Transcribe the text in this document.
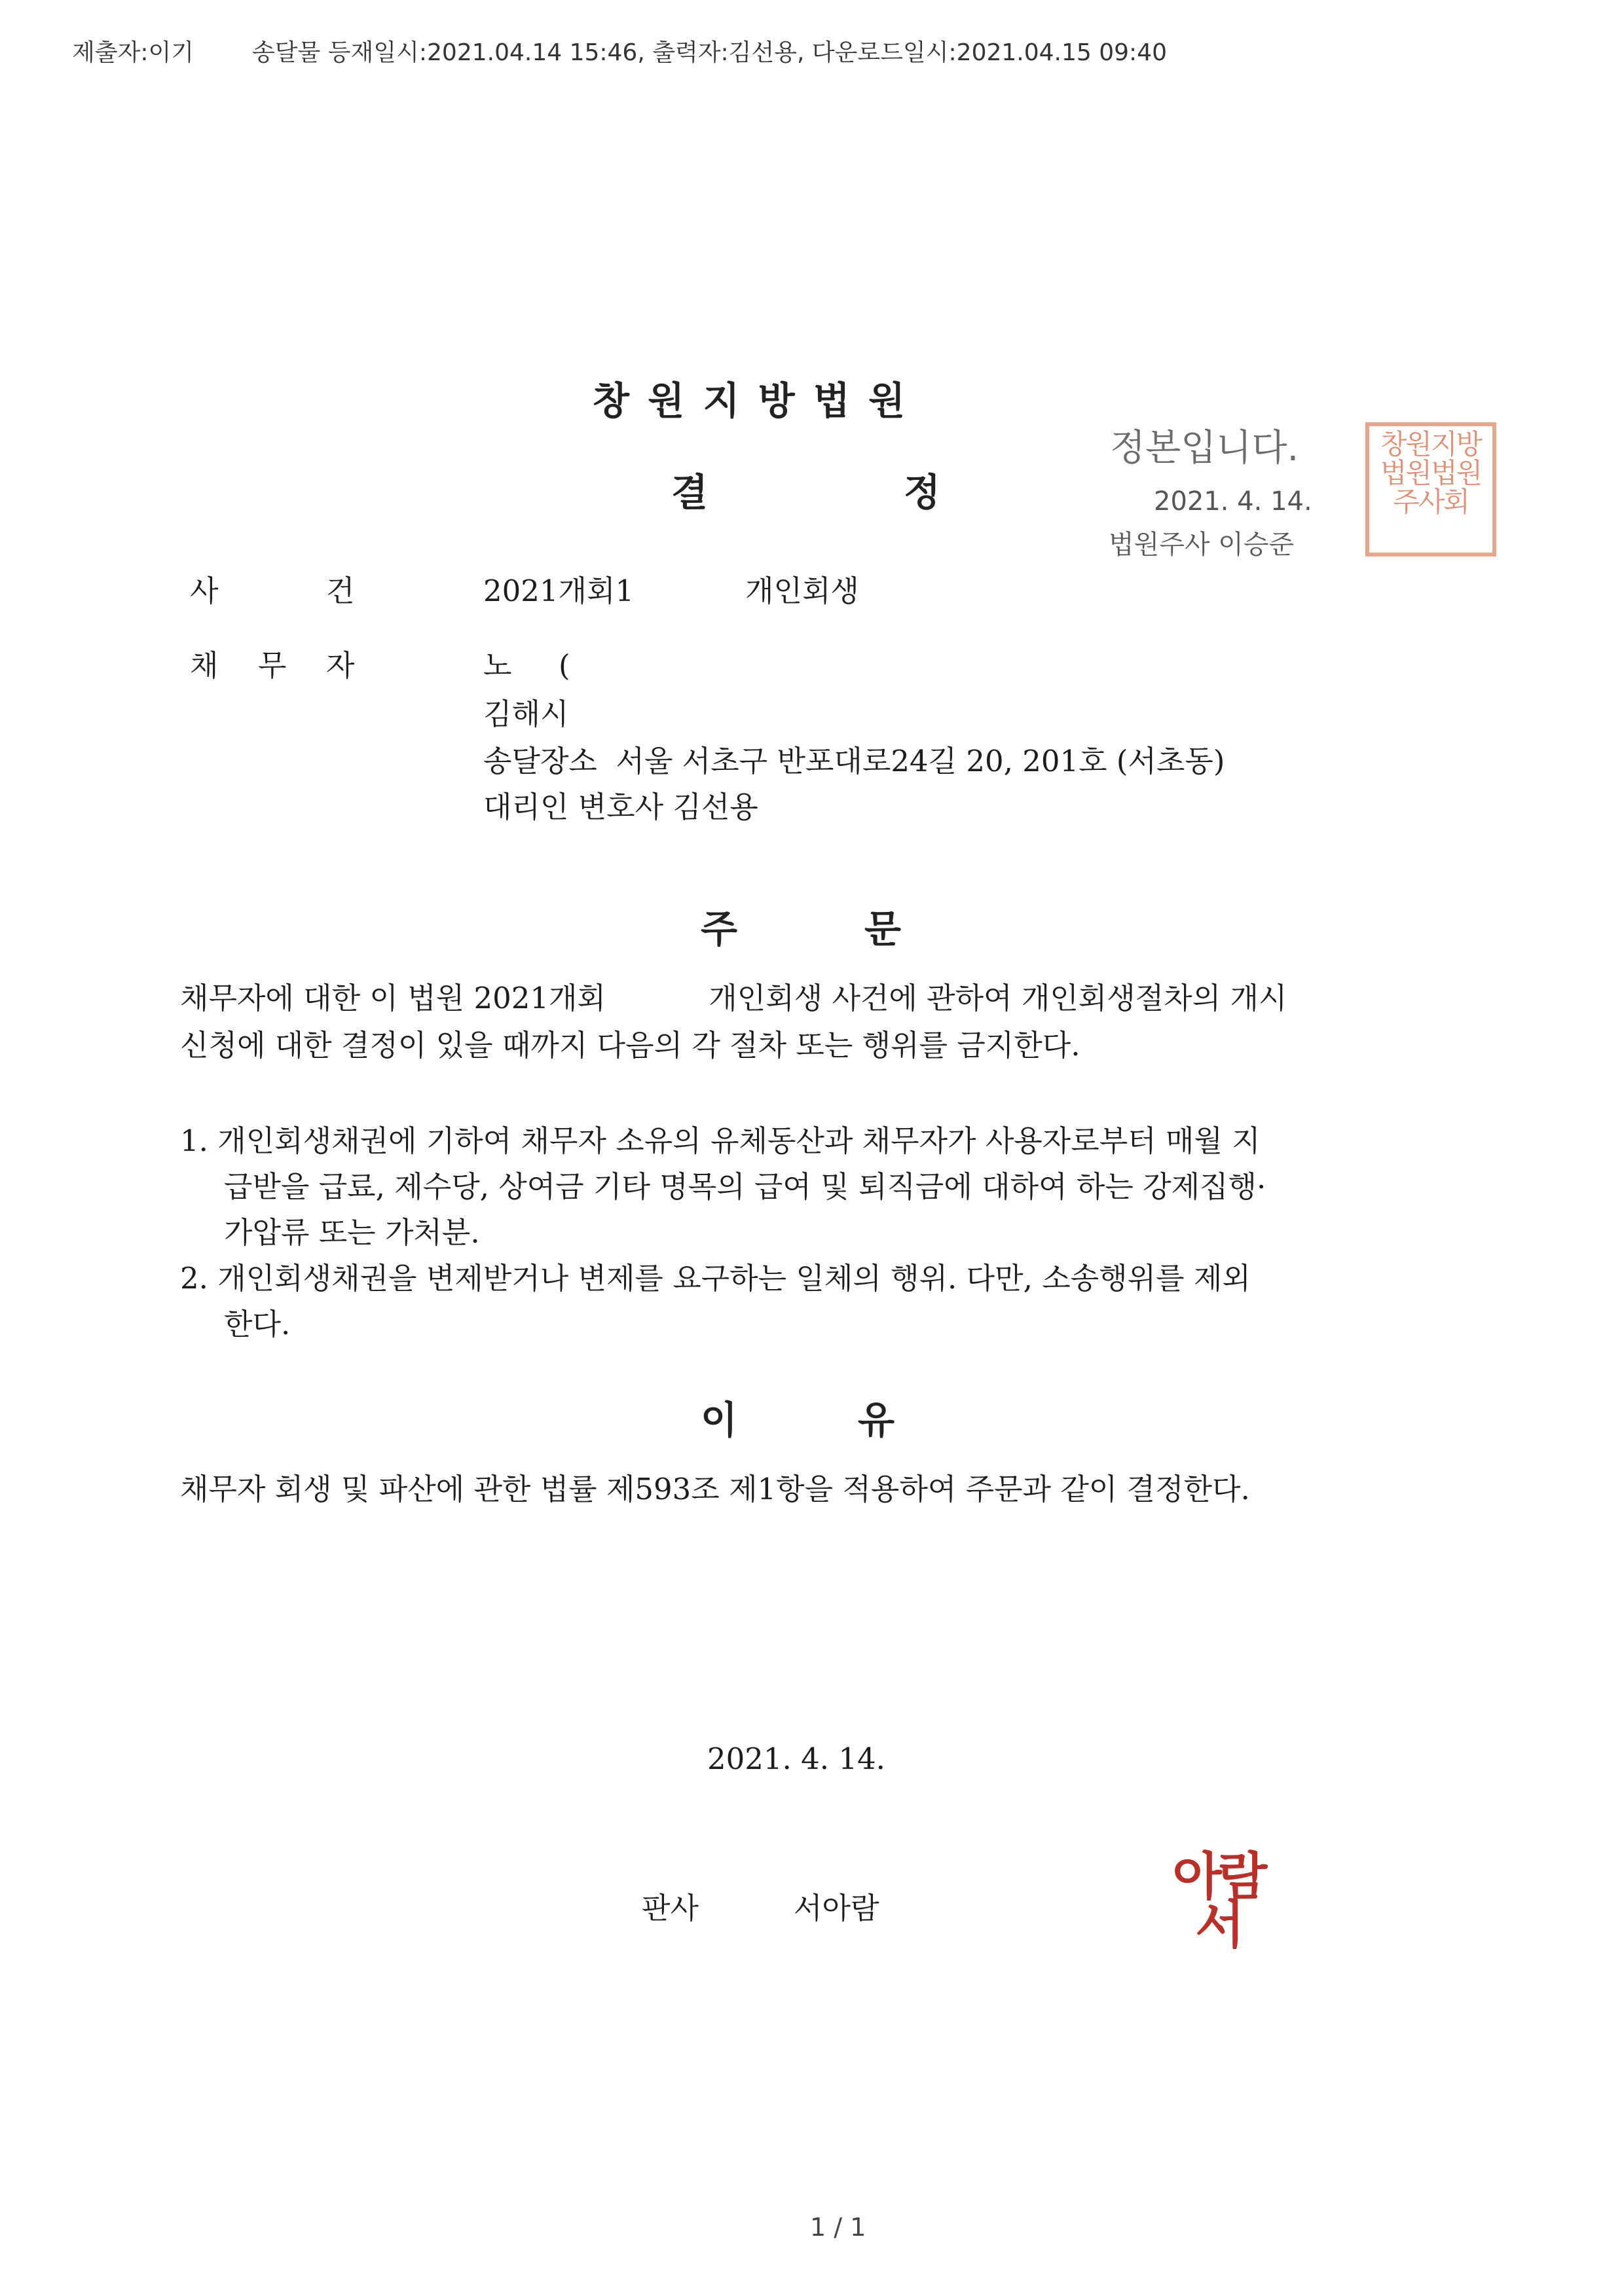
제출자:이기 송달물 등재일시:2021.04.14 15:46, 출력자:김선용, 다운로드일시:2021.04.15 09:40
창 원 지 방 법 원
결	정
정본입니다.
2021. 4. 14.
법원주사 이승준
창원지방법원법원주사회
사	건	2021개회1	개인회생
채 무 자	노     (
김해시
송달장소  서울 서초구 반포대로24길 20, 201호 (서초동)
대리인 변호사 김선용
주	문
채무자에 대한 이 법원 2021개회           개인회생 사건에 관하여 개인회생절차의 개시
신청에 대한 결정이 있을 때까지 다음의 각 절차 또는 행위를 금지한다.
1. 개인회생채권에 기하여 채무자 소유의 유체동산과 채무자가 사용자로부터 매월 지
급받을 급료, 제수당, 상여금 기타 명목의 급여 및 퇴직금에 대하여 하는 강제집행·
가압류 또는 가처분.
2. 개인회생채권을 변제받거나 변제를 요구하는 일체의 행위. 다만, 소송행위를 제외
한다.
이	유
채무자 회생 및 파산에 관한 법률 제593조 제1항을 적용하여 주문과 같이 결정한다.
2021. 4. 14.
판사	서아람
아람서
1 / 1
